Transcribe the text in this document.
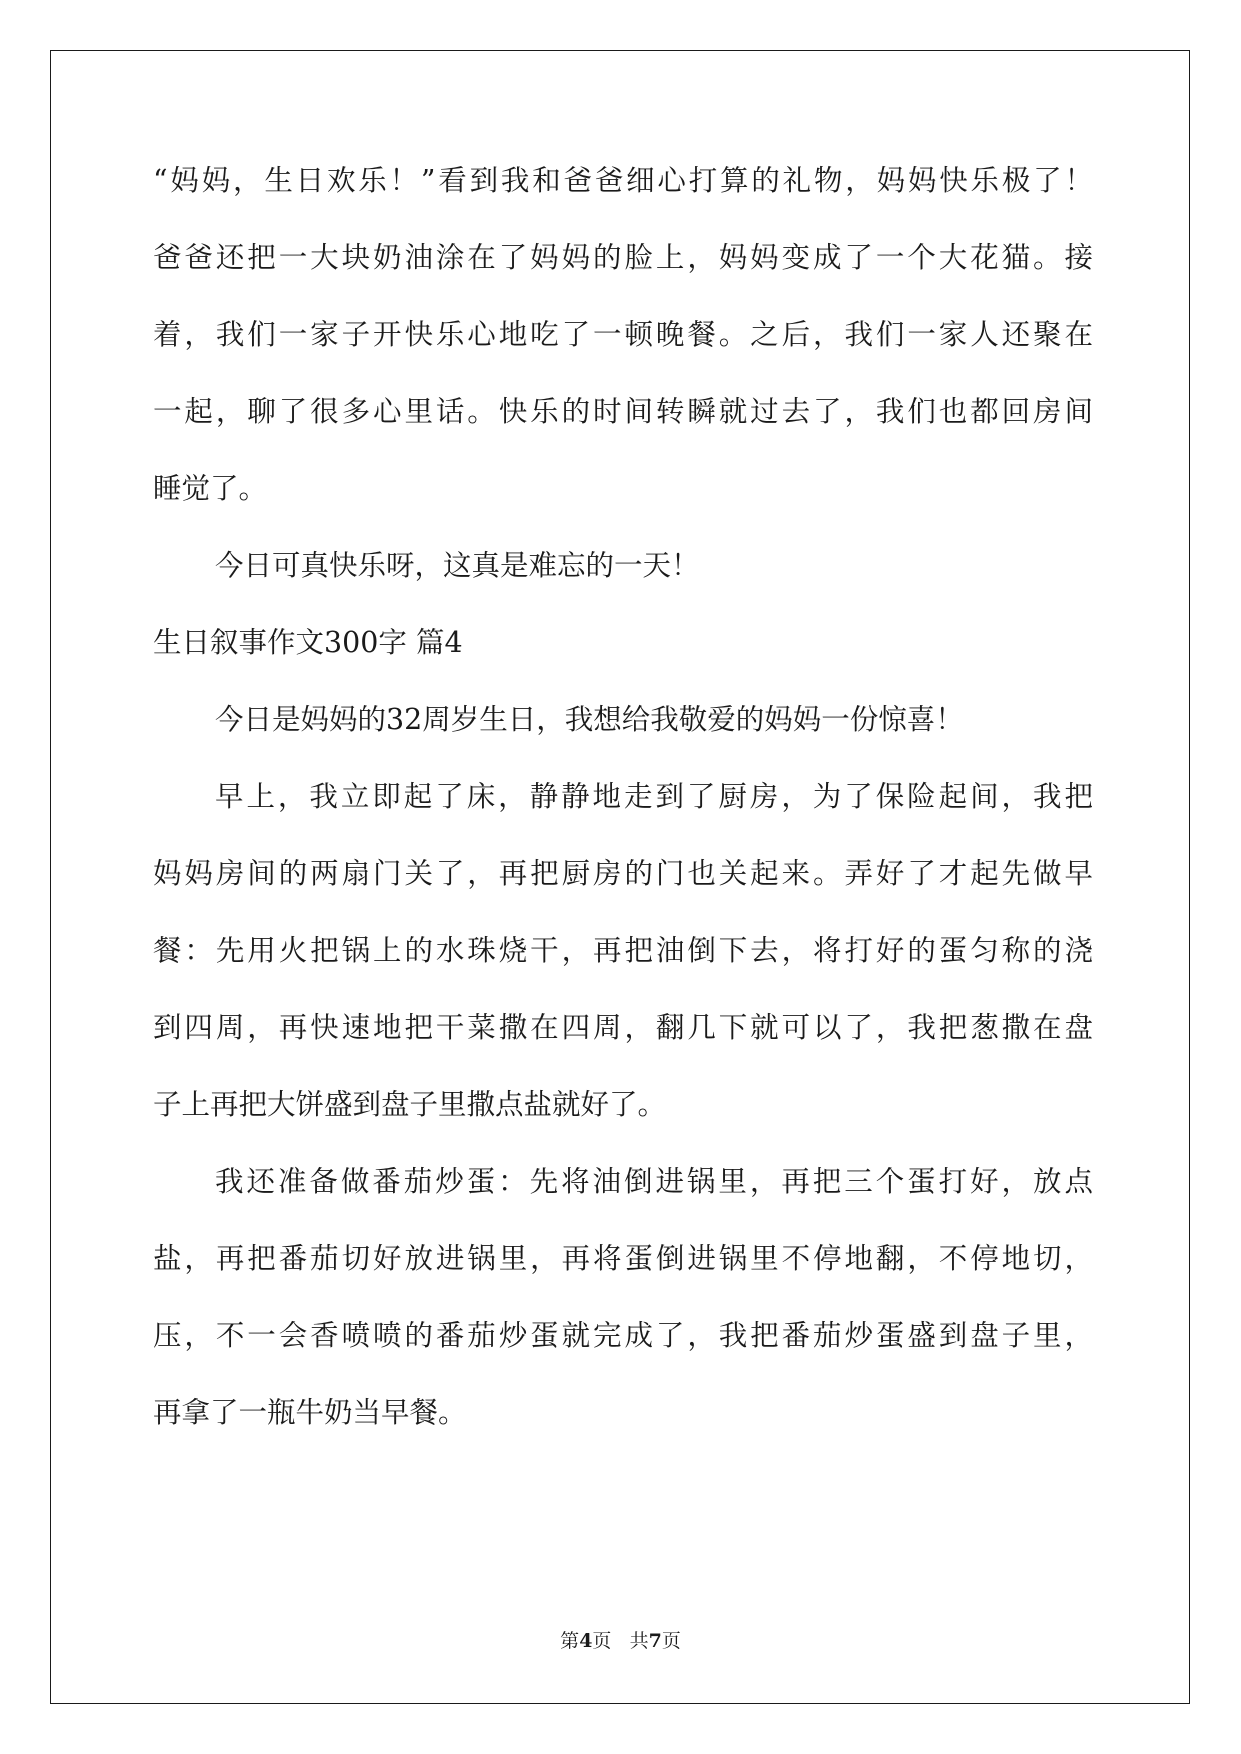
“妈妈，生日欢乐！”看到我和爸爸细心打算的礼物，妈妈快乐极了！
爸爸还把一大块奶油涂在了妈妈的脸上，妈妈变成了一个大花猫。接
着，我们一家子开快乐心地吃了一顿晚餐。之后，我们一家人还聚在
一起，聊了很多心里话。快乐的时间转瞬就过去了，我们也都回房间
睡觉了。
今日可真快乐呀，这真是难忘的一天！
生日叙事作文300字 篇4
今日是妈妈的32周岁生日，我想给我敬爱的妈妈一份惊喜！
早上，我立即起了床，静静地走到了厨房，为了保险起间，我把
妈妈房间的两扇门关了，再把厨房的门也关起来。弄好了才起先做早
餐：先用火把锅上的水珠烧干，再把油倒下去，将打好的蛋匀称的浇
到四周，再快速地把干菜撒在四周，翻几下就可以了，我把葱撒在盘
子上再把大饼盛到盘子里撒点盐就好了。
我还准备做番茄炒蛋：先将油倒进锅里，再把三个蛋打好，放点
盐，再把番茄切好放进锅里，再将蛋倒进锅里不停地翻，不停地切，
压，不一会香喷喷的番茄炒蛋就完成了，我把番茄炒蛋盛到盘子里，
再拿了一瓶牛奶当早餐。
第4页 共7页
